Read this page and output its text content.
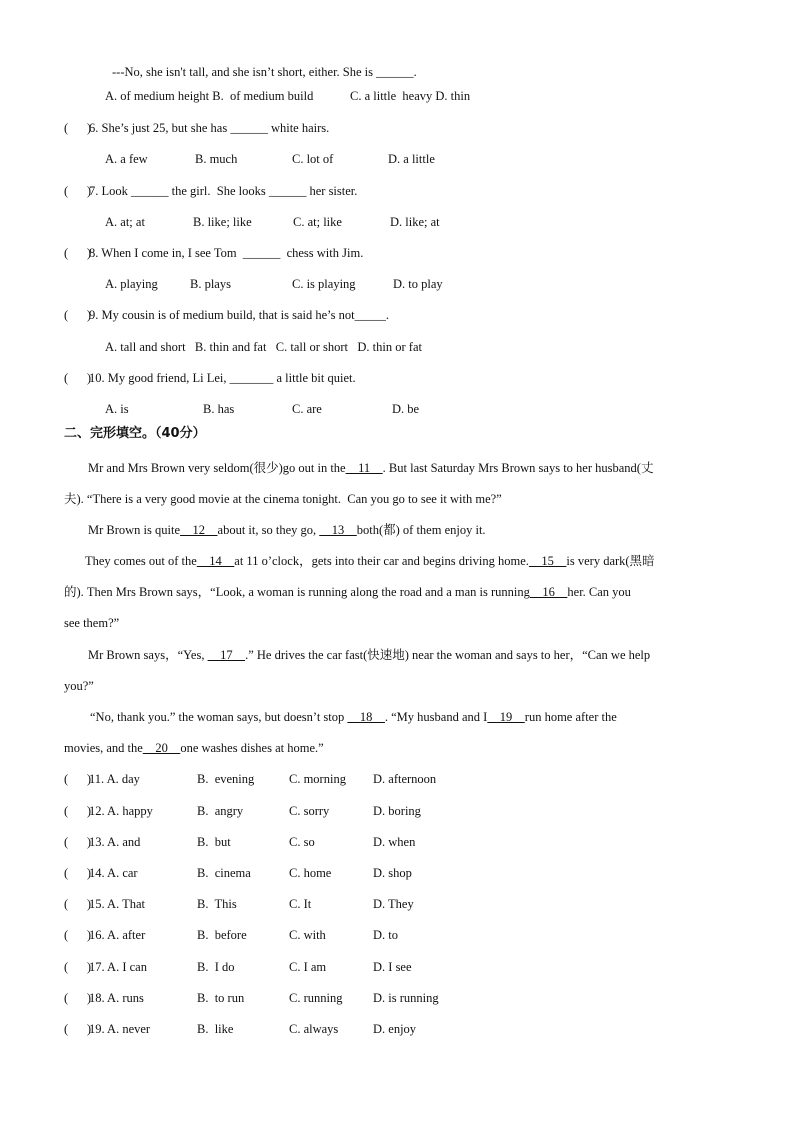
---No, she isn't tall, and she isn’t short, either. She is ______.
A. of medium height B.  of medium build	C. a little  heavy D. thin
(      )
6. She’s just 25, but she has ______ white hairs.
A. a few	B. much	C. lot of	D. a little
(      )
7. Look ______ the girl.  She looks ______ her sister.
A. at; at	B. like; like	C. at; like	D. like; at
(      )
8. When I come in, I see Tom  ______  chess with Jim.
A. playing	B. plays	C. is playing	D. to play
(      )
9. My cousin is of medium build, that is said he’s not_____.
A. tall and short   B. thin and fat   C. tall or short   D. thin or fat
(      )
10. My good friend, Li Lei, _______ a little bit quiet.
A. is	B. has	C. are	D. be
二、完形填空。（40分）
Mr and Mrs Brown very seldom(很少)go out in the    11    . But last Saturday Mrs Brown says to her husband(丈
夫). “There is a very good movie at the cinema tonight.  Can you go to see it with me?”
Mr Brown is quite    12    about it, so they go,     13    both(都) of them enjoy it.
They comes out of the    14    at 11 o’clock，gets into their car and begins driving home.    15    is very dark(黑暗
的). Then Mrs Brown says，“Look, a woman is running along the road and a man is running    16    her. Can you
see them?”
Mr Brown says，“Yes,     17    .” He drives the car fast(快速地) near the woman and says to her，“Can we help
you?”
“No, thank you.” the woman says, but doesn’t stop     18    . “My husband and I    19    run home after the
movies, and the    20    one washes dishes at home.”
(      )
11. A. day	B.  evening	C. morning D. afternoon
(      )
12. A. happy	B.  angry	C. sorry	D. boring
(      )
13. A. and	B.  but	C. so	D. when
(      )
14. A. car	B.  cinema	C. home	D. shop
(      )
15. A. That	B.  This	C. It	D. They
(      )
16. A. after	B.  before	C. with	D. to
(      )
17. A. I can	B.  I do	C. I am	D. I see
(      )
18. A. runs	B.  to run	C. running D. is running
(      )
19. A. never	B.  like	C. always	D. enjoy
